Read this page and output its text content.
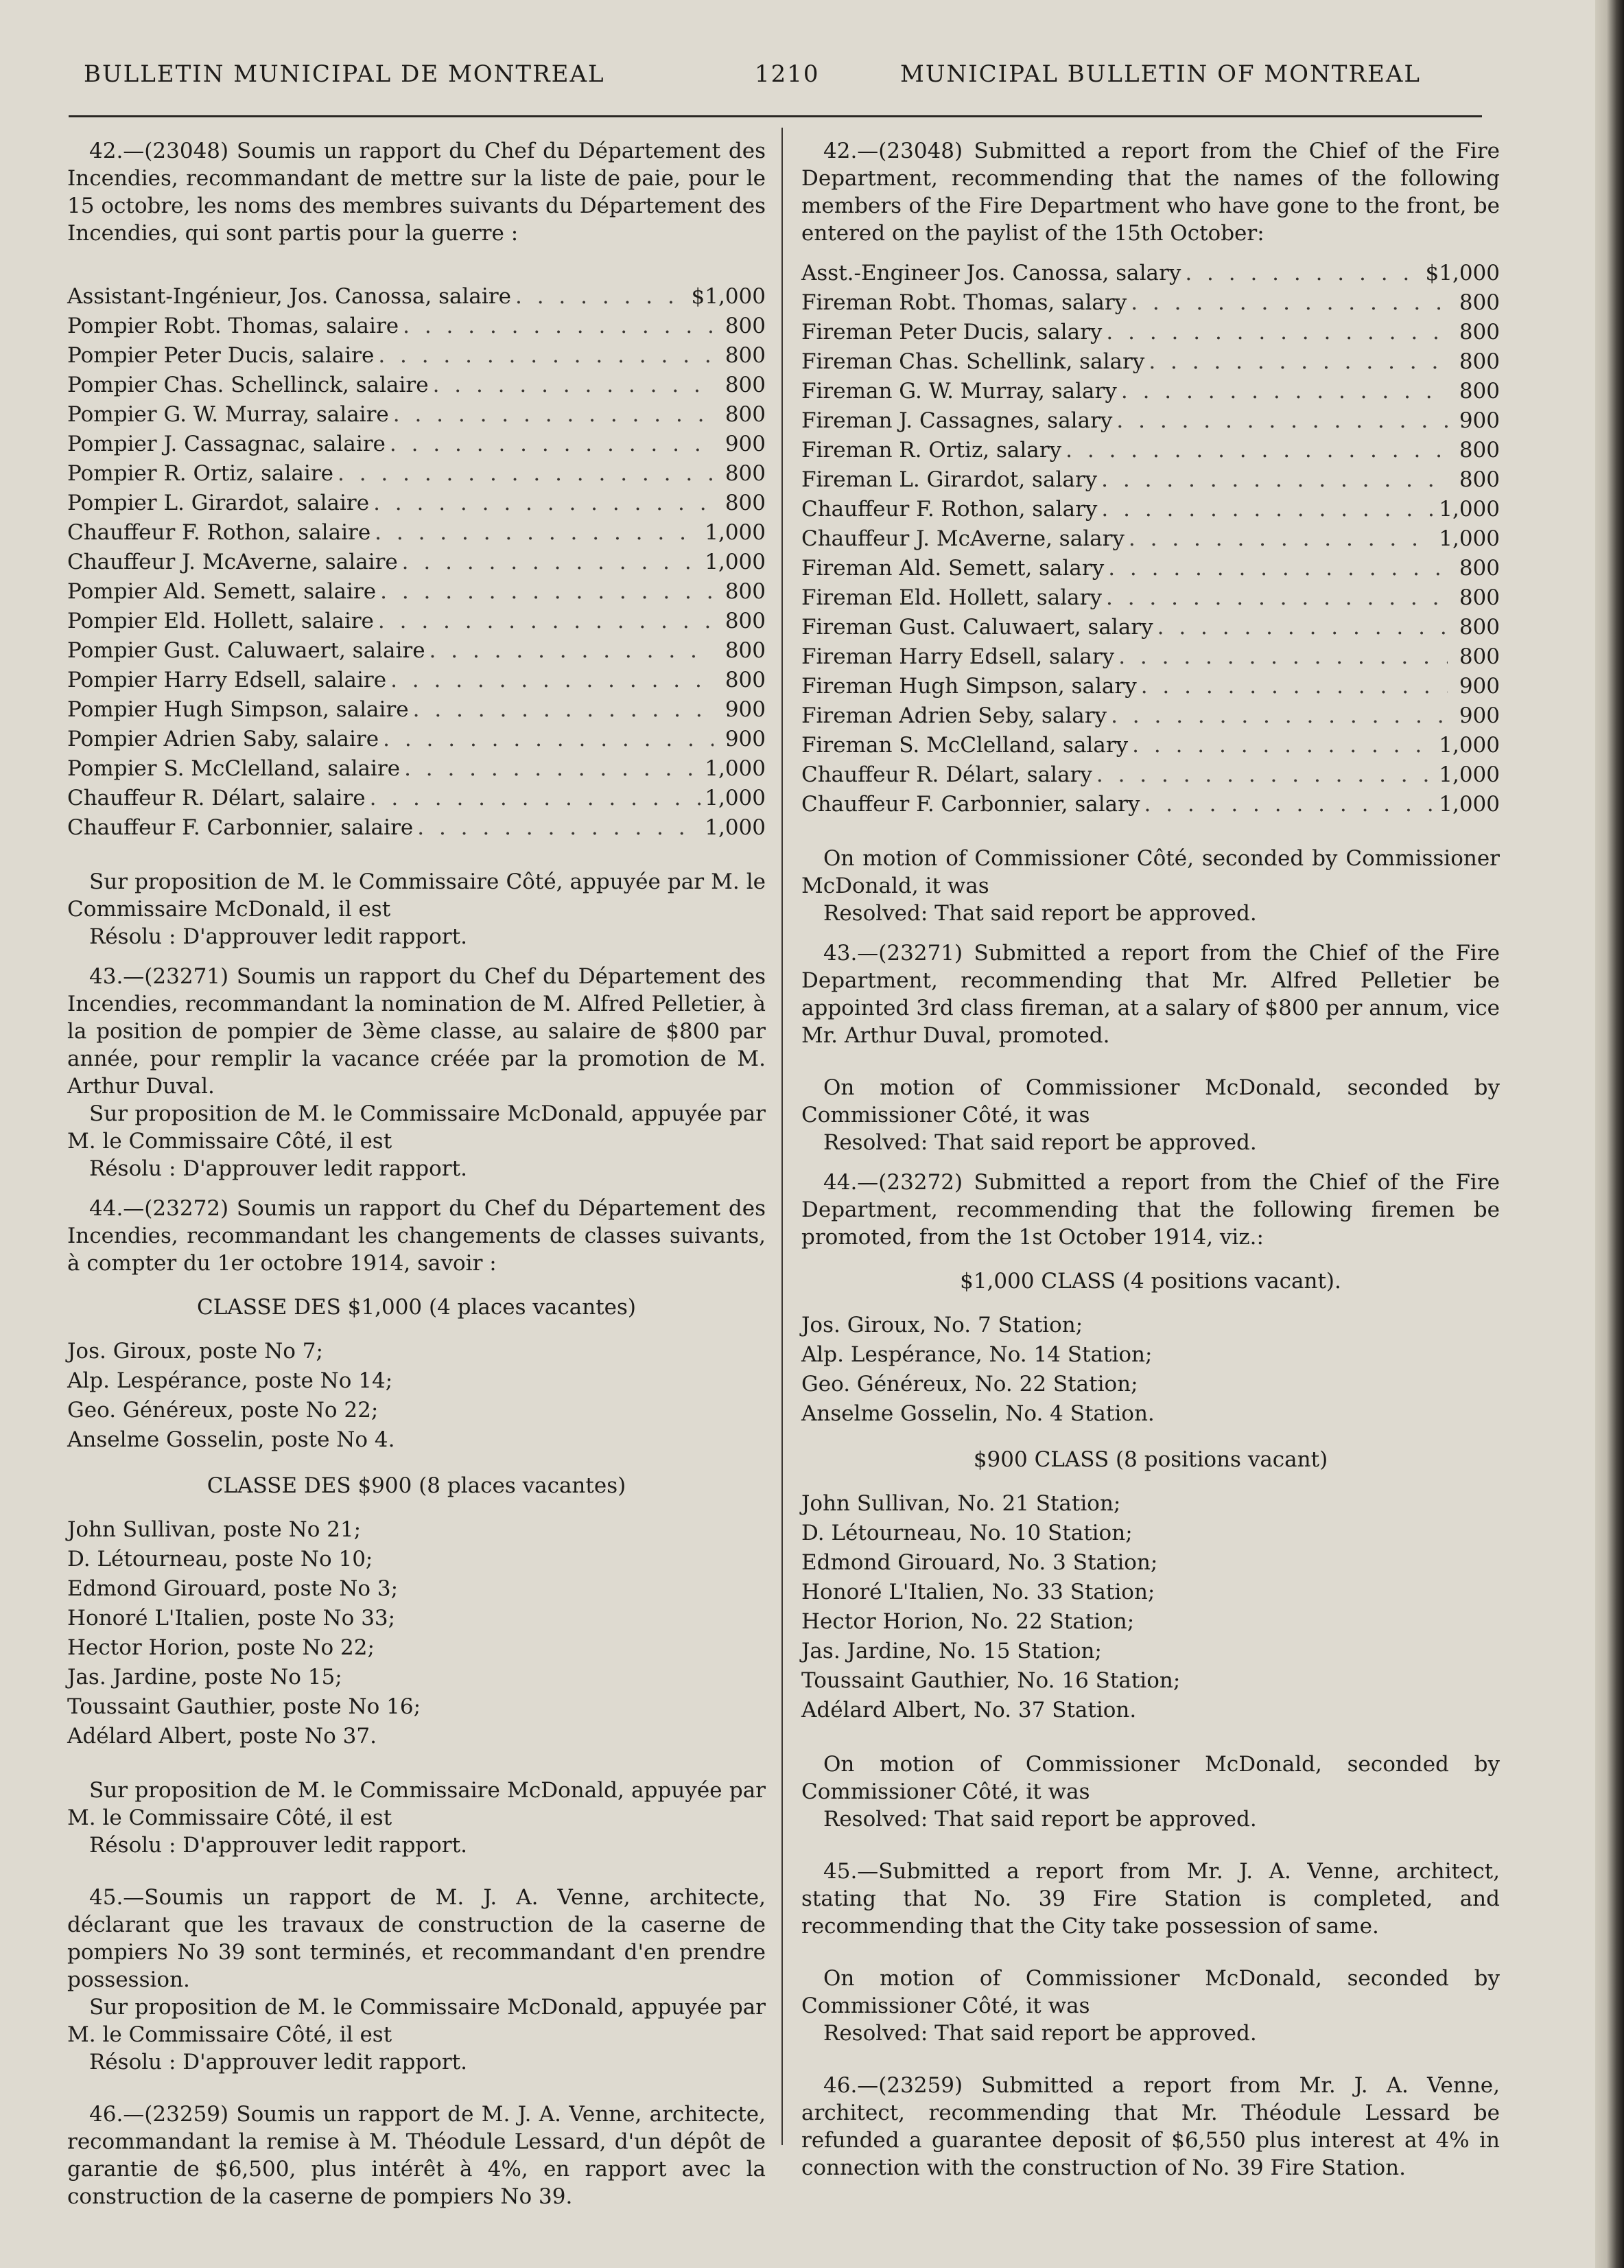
BULLETIN MUNICIPAL DE MONTREAL	1210	MUNICIPAL BULLETIN OF MONTREAL

42.—(23048) Soumis un rapport du Chef du Département des Incendies, recommandant de mettre sur la liste de paie, pour le 15 octobre, les noms des membres suivants du Département des Incendies, qui sont partis pour la guerre :

Assistant-Ingénieur, Jos. Canossa, salaire . . .	$1,000
Pompier Robt. Thomas, salaire . . .	800
Pompier Peter Ducis, salaire . . .	800
Pompier Chas. Schellinck, salaire . . .	800
Pompier G. W. Murray, salaire . . .	800
Pompier J. Cassagnac, salaire . . .	900
Pompier R. Ortiz, salaire . . .	800
Pompier L. Girardot, salaire . . .	800
Chauffeur F. Rothon, salaire . . .	1,000
Chauffeur J. McAverne, salaire . . .	1,000
Pompier Ald. Semett, salaire . . .	800
Pompier Eld. Hollett, salaire . . .	800
Pompier Gust. Caluwaert, salaire . . .	800
Pompier Harry Edsell, salaire . . .	800
Pompier Hugh Simpson, salaire . . .	900
Pompier Adrien Saby, salaire . . .	900
Pompier S. McClelland, salaire . . .	1,000
Chauffeur R. Délart, salaire . . .	1,000
Chauffeur F. Carbonnier, salaire . . .	1,000

Sur proposition de M. le Commissaire Côté, appuyée par M. le Commissaire McDonald, il est

Résolu : D'approuver ledit rapport.

43.—(23271) Soumis un rapport du Chef du Département des Incendies, recommandant la nomination de M. Alfred Pelletier, à la position de pompier de 3ème classe, au salaire de $800 par année, pour remplir la vacance créée par la promotion de M. Arthur Duval.

Sur proposition de M. le Commissaire McDonald, appuyée par M. le Commissaire Côté, il est

Résolu : D'approuver ledit rapport.

44.—(23272) Soumis un rapport du Chef du Département des Incendies, recommandant les changements de classes suivants, à compter du 1er octobre 1914, savoir :

CLASSE DES $1,000 (4 places vacantes)

Jos. Giroux, poste No 7;
Alp. Lespérance, poste No 14;
Geo. Généreux, poste No 22;
Anselme Gosselin, poste No 4.

CLASSE DES $900 (8 places vacantes)

John Sullivan, poste No 21;
D. Létourneau, poste No 10;
Edmond Girouard, poste No 3;
Honoré L'Italien, poste No 33;
Hector Horion, poste No 22;
Jas. Jardine, poste No 15;
Toussaint Gauthier, poste No 16;
Adélard Albert, poste No 37.

Sur proposition de M. le Commissaire McDonald, appuyée par M. le Commissaire Côté, il est

Résolu : D'approuver ledit rapport.

45.—Soumis un rapport de M. J. A. Venne, architecte, déclarant que les travaux de construction de la caserne de pompiers No 39 sont terminés, et recommandant d'en prendre possession.

Sur proposition de M. le Commissaire McDonald, appuyée par M. le Commissaire Côté, il est

Résolu : D'approuver ledit rapport.

46.—(23259) Soumis un rapport de M. J. A. Venne, architecte, recommandant la remise à M. Théodule Lessard, d'un dépôt de garantie de $6,500, plus intérêt à 4%, en rapport avec la construction de la caserne de pompiers No 39.

42.—(23048) Submitted a report from the Chief of the Fire Department, recommending that the names of the following members of the Fire Department who have gone to the front, be entered on the paylist of the 15th October:

Asst.-Engineer Jos. Canossa, salary . . .	$1,000
Fireman Robt. Thomas, salary . . .	800
Fireman Peter Ducis, salary . . .	800
Fireman Chas. Schellink, salary . . .	800
Fireman G. W. Murray, salary . . .	800
Fireman J. Cassagnes, salary . . .	900
Fireman R. Ortiz, salary . . .	800
Fireman L. Girardot, salary . . .	800
Chauffeur F. Rothon, salary . . .	1,000
Chauffeur J. McAverne, salary . . .	1,000
Fireman Ald. Semett, salary . . .	800
Fireman Eld. Hollett, salary . . .	800
Fireman Gust. Caluwaert, salary . . .	800
Fireman Harry Edsell, salary . . .	800
Fireman Hugh Simpson, salary . . .	900
Fireman Adrien Seby, salary . . .	900
Fireman S. McClelland, salary . . .	1,000
Chauffeur R. Délart, salary . . .	1,000
Chauffeur F. Carbonnier, salary . . .	1,000

On motion of Commissioner Côté, seconded by Commissioner McDonald, it was

Resolved: That said report be approved.

43.—(23271) Submitted a report from the Chief of the Fire Department, recommending that Mr. Alfred Pelletier be appointed 3rd class fireman, at a salary of $800 per annum, vice Mr. Arthur Duval, promoted.

On motion of Commissioner McDonald, seconded by Commissioner Côté, it was

Resolved: That said report be approved.

44.—(23272) Submitted a report from the Chief of the Fire Department, recommending that the following firemen be promoted, from the 1st October 1914, viz.:

$1,000 CLASS (4 positions vacant).

Jos. Giroux, No. 7 Station;
Alp. Lespérance, No. 14 Station;
Geo. Généreux, No. 22 Station;
Anselme Gosselin, No. 4 Station.

$900 CLASS (8 positions vacant)

John Sullivan, No. 21 Station;
D. Létourneau, No. 10 Station;
Edmond Girouard, No. 3 Station;
Honoré L'Italien, No. 33 Station;
Hector Horion, No. 22 Station;
Jas. Jardine, No. 15 Station;
Toussaint Gauthier, No. 16 Station;
Adélard Albert, No. 37 Station.

On motion of Commissioner McDonald, seconded by Commissioner Côté, it was

Resolved: That said report be approved.

45.—Submitted a report from Mr. J. A. Venne, architect, stating that No. 39 Fire Station is completed, and recommending that the City take possession of same.

On motion of Commissioner McDonald, seconded by Commissioner Côté, it was

Resolved: That said report be approved.

46.—(23259) Submitted a report from Mr. J. A. Venne, architect, recommending that Mr. Théodule Lessard be refunded a guarantee deposit of $6,550 plus interest at 4% in connection with the construction of No. 39 Fire Station.
